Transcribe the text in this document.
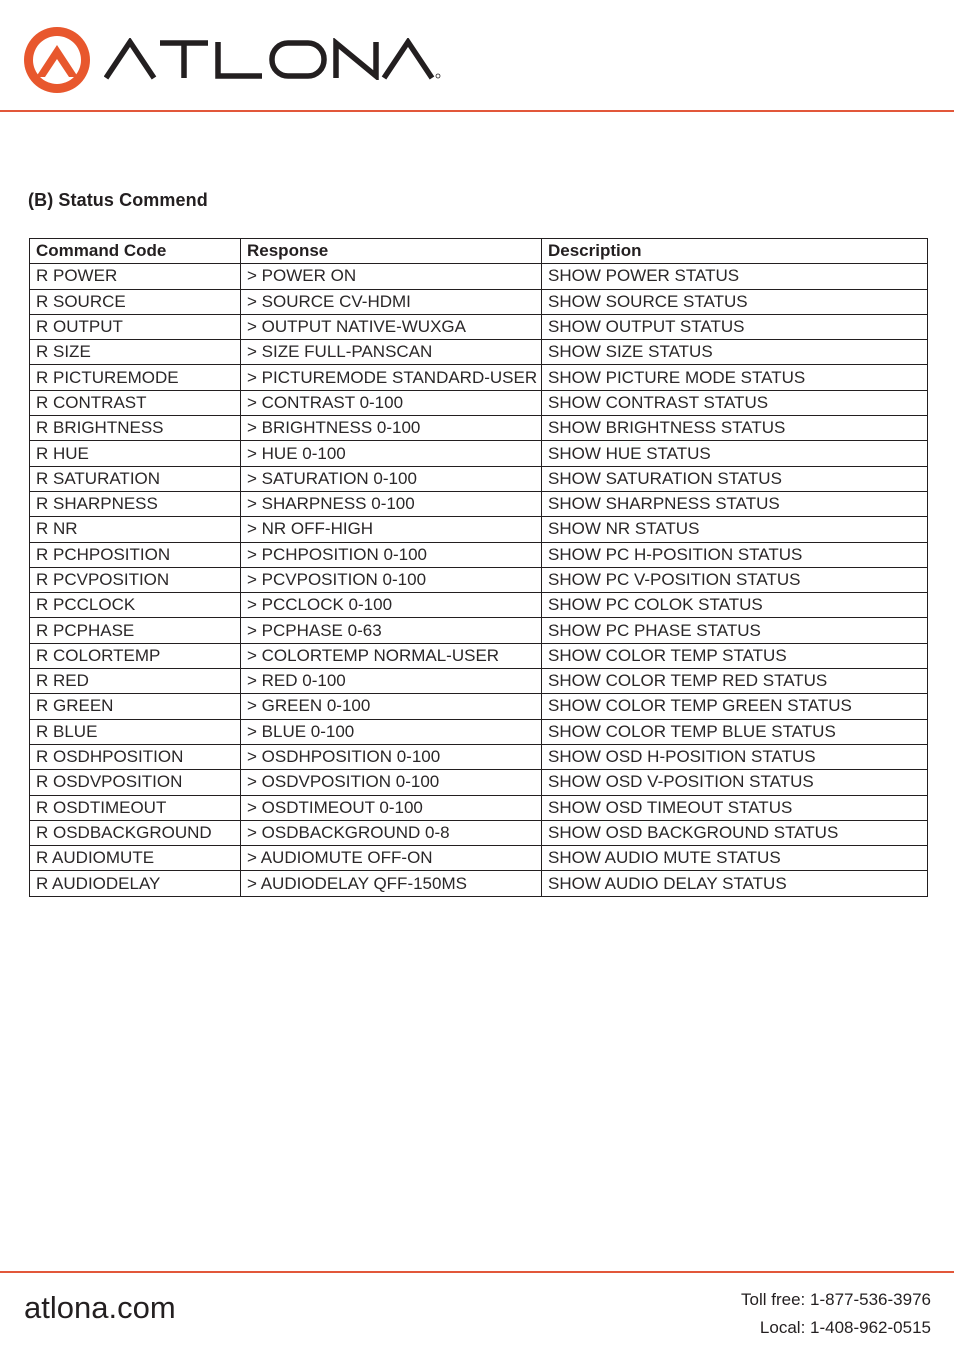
(B) Status Commend
Command Code	Response	Description
R POWER	> POWER ON	SHOW POWER STATUS
R SOURCE	> SOURCE CV-HDMI	SHOW SOURCE STATUS
R OUTPUT	> OUTPUT NATIVE-WUXGA	SHOW OUTPUT STATUS
R SIZE	> SIZE FULL-PANSCAN	SHOW SIZE STATUS
R PICTUREMODE	> PICTUREMODE STANDARD-USER	SHOW PICTURE MODE STATUS
R CONTRAST	> CONTRAST 0-100	SHOW CONTRAST STATUS
R BRIGHTNESS	> BRIGHTNESS 0-100	SHOW BRIGHTNESS STATUS
R HUE	> HUE 0-100	SHOW HUE STATUS
R SATURATION	> SATURATION 0-100	SHOW SATURATION STATUS
R SHARPNESS	> SHARPNESS 0-100	SHOW SHARPNESS STATUS
R NR	> NR OFF-HIGH	SHOW NR STATUS
R PCHPOSITION	> PCHPOSITION 0-100	SHOW PC H-POSITION STATUS
R PCVPOSITION	> PCVPOSITION 0-100	SHOW PC V-POSITION STATUS
R PCCLOCK	> PCCLOCK 0-100	SHOW PC COLOK STATUS
R PCPHASE	> PCPHASE 0-63	SHOW PC PHASE STATUS
R COLORTEMP	> COLORTEMP NORMAL-USER	SHOW COLOR TEMP STATUS
R RED	> RED 0-100	SHOW COLOR TEMP RED STATUS
R GREEN	> GREEN 0-100	SHOW COLOR TEMP GREEN STATUS
R BLUE	> BLUE 0-100	SHOW COLOR TEMP BLUE STATUS
R OSDHPOSITION	> OSDHPOSITION 0-100	SHOW OSD H-POSITION STATUS
R OSDVPOSITION	> OSDVPOSITION 0-100	SHOW OSD V-POSITION STATUS
R OSDTIMEOUT	> OSDTIMEOUT 0-100	SHOW OSD TIMEOUT STATUS
R OSDBACKGROUND	> OSDBACKGROUND 0-8	SHOW OSD BACKGROUND STATUS
R AUDIOMUTE	> AUDIOMUTE OFF-ON	SHOW AUDIO MUTE STATUS
R AUDIODELAY	> AUDIODELAY QFF-150MS	SHOW AUDIO DELAY STATUS
atlona.com	Toll free: 1-877-536-3976
Local: 1-408-962-0515
